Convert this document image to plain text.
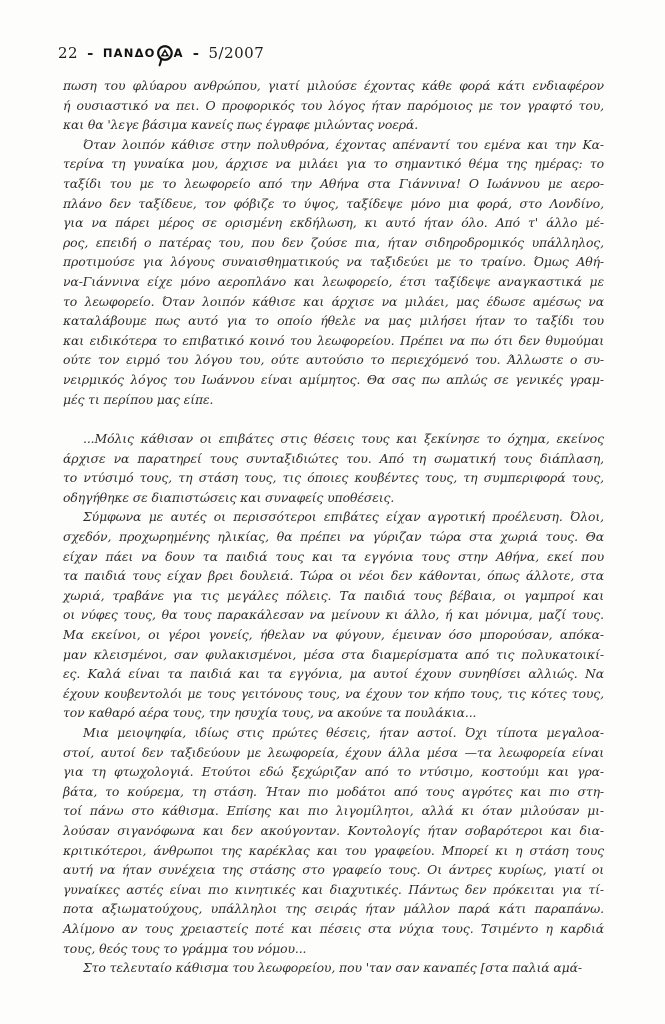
22 - ΠΑΝΔΟ Α - 5/2007
πωση του φλύαρου ανθρώπου, γιατί μιλούσε έχοντας κάθε φορά κάτι ενδιαφέρον
ή ουσιαστικό να πει. Ο προφορικός του λόγος ήταν παρόμοιος με τον γραφτό του,
και θα 'λεγε βάσιμα κανείς πως έγραφε μιλώντας νοερά.
Όταν λοιπόν κάθισε στην πολυθρόνα, έχοντας απέναντί του εμένα και την Κα-
τερίνα τη γυναίκα μου, άρχισε να μιλάει για το σημαντικό θέμα της ημέρας: το
ταξίδι του με το λεωφορείο από την Αθήνα στα Γιάννινα! Ο Ιωάννου με αερο-
πλάνο δεν ταξίδευε, τον φόβιζε το ύψος, ταξίδεψε μόνο μια φορά, στο Λονδίνο,
για να πάρει μέρος σε ορισμένη εκδήλωση, κι αυτό ήταν όλο. Από τ' άλλο μέ-
ρος, επειδή ο πατέρας του, που δεν ζούσε πια, ήταν σιδηροδρομικός υπάλληλος,
προτιμούσε για λόγους συναισθηματικούς να ταξιδεύει με το τραίνο. Όμως Αθή-
να-Γιάννινα είχε μόνο αεροπλάνο και λεωφορείο, έτσι ταξίδεψε αναγκαστικά με
το λεωφορείο. Όταν λοιπόν κάθισε και άρχισε να μιλάει, μας έδωσε αμέσως να
καταλάβουμε πως αυτό για το οποίο ήθελε να μας μιλήσει ήταν το ταξίδι του
και ειδικότερα το επιβατικό κοινό του λεωφορείου. Πρέπει να πω ότι δεν θυμούμαι
ούτε τον ειρμό του λόγου του, ούτε αυτούσιο το περιεχόμενό του. Άλλωστε ο συ-
νειρμικός λόγος του Ιωάννου είναι αμίμητος. Θα σας πω απλώς σε γενικές γραμ-
μές τι περίπου μας είπε.
...Μόλις κάθισαν οι επιβάτες στις θέσεις τους και ξεκίνησε το όχημα, εκείνος
άρχισε να παρατηρεί τους συνταξιδιώτες του. Από τη σωματική τους διάπλαση,
το ντύσιμό τους, τη στάση τους, τις όποιες κουβέντες τους, τη συμπεριφορά τους,
οδηγήθηκε σε διαπιστώσεις και συναφείς υποθέσεις.
Σύμφωνα με αυτές οι περισσότεροι επιβάτες είχαν αγροτική προέλευση. Όλοι,
σχεδόν, προχωρημένης ηλικίας, θα πρέπει να γύριζαν τώρα στα χωριά τους. Θα
είχαν πάει να δουν τα παιδιά τους και τα εγγόνια τους στην Αθήνα, εκεί που
τα παιδιά τους είχαν βρει δουλειά. Τώρα οι νέοι δεν κάθονται, όπως άλλοτε, στα
χωριά, τραβάνε για τις μεγάλες πόλεις. Τα παιδιά τους βέβαια, οι γαμπροί και
οι νύφες τους, θα τους παρακάλεσαν να μείνουν κι άλλο, ή και μόνιμα, μαζί τους.
Μα εκείνοι, οι γέροι γονείς, ήθελαν να φύγουν, έμειναν όσο μπορούσαν, απόκα-
μαν κλεισμένοι, σαν φυλακισμένοι, μέσα στα διαμερίσματα από τις πολυκατοικί-
ες. Καλά είναι τα παιδιά και τα εγγόνια, μα αυτοί έχουν συνηθίσει αλλιώς. Να
έχουν κουβεντολόι με τους γειτόνους τους, να έχουν τον κήπο τους, τις κότες τους,
τον καθαρό αέρα τους, την ησυχία τους, να ακούνε τα πουλάκια...
Μια μειοψηφία, ιδίως στις πρώτες θέσεις, ήταν αστοί. Όχι τίποτα μεγαλοα-
στοί, αυτοί δεν ταξιδεύουν με λεωφορεία, έχουν άλλα μέσα —τα λεωφορεία είναι
για τη φτωχολογιά. Ετούτοι εδώ ξεχώριζαν από το ντύσιμο, κοστούμι και γρα-
βάτα, το κούρεμα, τη στάση. Ήταν πιο μοδάτοι από τους αγρότες και πιο στη-
τοί πάνω στο κάθισμα. Επίσης και πιο λιγομίλητοι, αλλά κι όταν μιλούσαν μι-
λούσαν σιγανόφωνα και δεν ακούγονταν. Κοντολογίς ήταν σοβαρότεροι και δια-
κριτικότεροι, άνθρωποι της καρέκλας και του γραφείου. Μπορεί κι η στάση τους
αυτή να ήταν συνέχεια της στάσης στο γραφείο τους. Οι άντρες κυρίως, γιατί οι
γυναίκες αστές είναι πιο κινητικές και διαχυτικές. Πάντως δεν πρόκειται για τί-
ποτα αξιωματούχους, υπάλληλοι της σειράς ήταν μάλλον παρά κάτι παραπάνω.
Αλίμονο αν τους χρειαστείς ποτέ και πέσεις στα νύχια τους. Τσιμέντο η καρδιά
τους, θεός τους το γράμμα του νόμου...
Στο τελευταίο κάθισμα του λεωφορείου, που 'ταν σαν καναπές [στα παλιά αμά-
